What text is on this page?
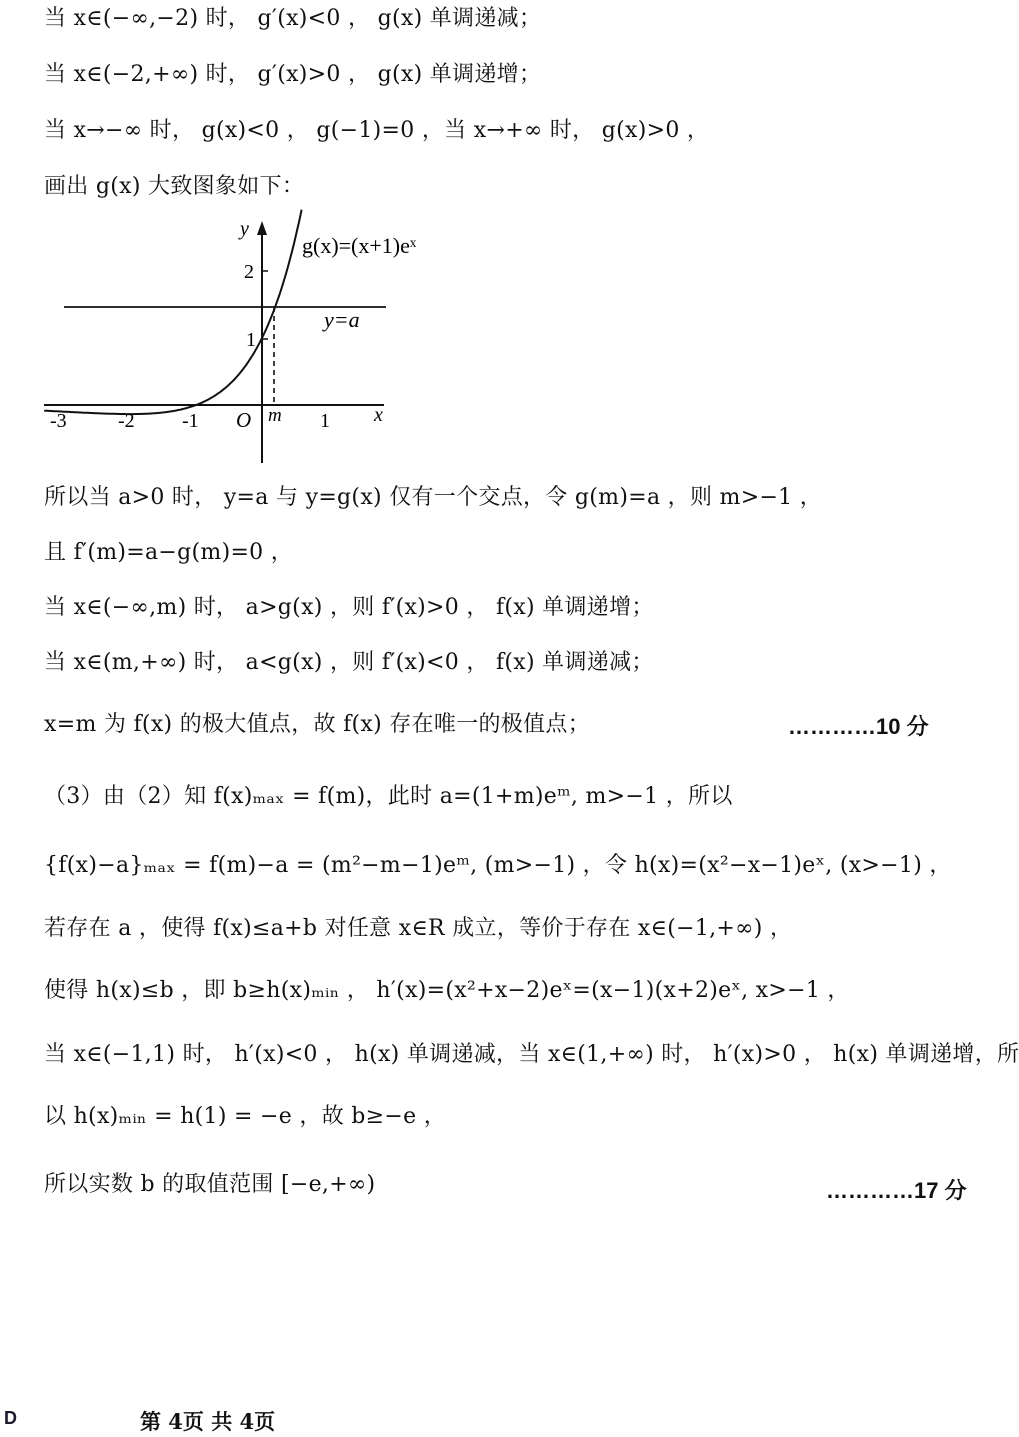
当 x∈(−∞,−2) 时， g′(x)<0 ， g(x) 单调递减；
当 x∈(−2,+∞) 时， g′(x)>0 ， g(x) 单调递增；
当 x→−∞ 时， g(x)<0 ， g(−1)=0 ，当 x→+∞ 时， g(x)>0 ，
画出 g(x) 大致图象如下：
y
g(x)=(x+1)eˣ
y=a
2
1
-3	-2 -1 O m 1 x
所以当 a>0 时， y=a 与 y=g(x) 仅有一个交点，令 g(m)=a ，则 m>−1 ，
且 f′(m)=a−g(m)=0 ，
当 x∈(−∞,m) 时， a>g(x) ，则 f′(x)>0 ， f(x) 单调递增；
当 x∈(m,+∞) 时， a<g(x) ，则 f′(x)<0 ， f(x) 单调递减；
x=m 为 f(x) 的极大值点，故 f(x) 存在唯一的极值点；	…………10 分
（3）由（2）知 f(x)ₘₐₓ = f(m)，此时 a=(1+m)eᵐ, m>−1 ，所以
{f(x)−a}ₘₐₓ = f(m)−a = (m²−m−1)eᵐ, (m>−1) ，令 h(x)=(x²−x−1)eˣ, (x>−1) ，
若存在 a ，使得 f(x)≤a+b 对任意 x∈R 成立，等价于存在 x∈(−1,+∞) ，
使得 h(x)≤b ，即 b≥h(x)ₘᵢₙ ， h′(x)=(x²+x−2)eˣ=(x−1)(x+2)eˣ, x>−1 ，
当 x∈(−1,1) 时， h′(x)<0 ， h(x) 单调递减，当 x∈(1,+∞) 时， h′(x)>0 ， h(x) 单调递增，所
以 h(x)ₘᵢₙ = h(1) = −e ，故 b≥−e ，
所以实数 b 的取值范围 [−e,+∞)	…………17 分
D	第 4页 共 4页
